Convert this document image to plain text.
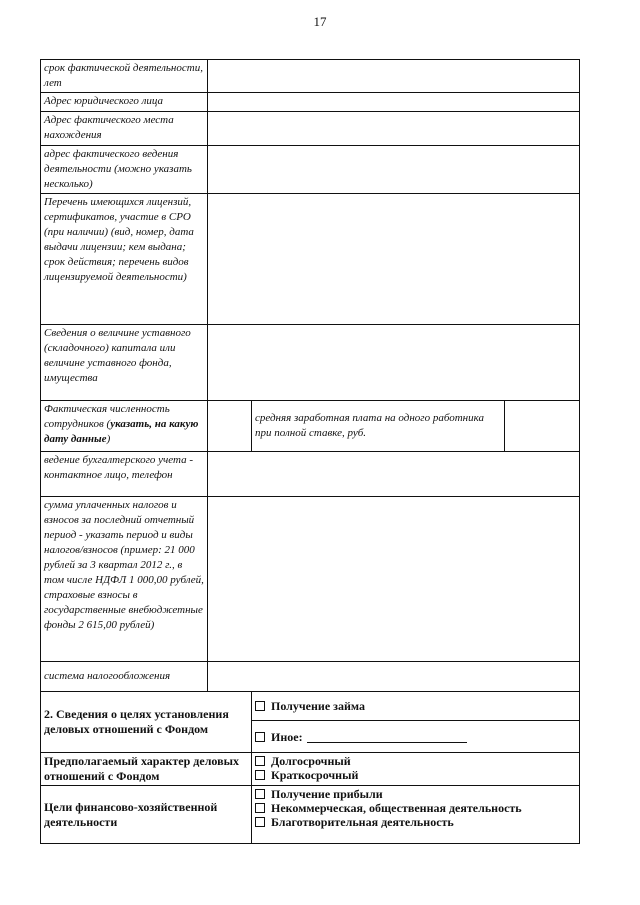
17
срок фактической деятельности, лет			
Адрес юридического лица			
Адрес фактического места нахождения			
адрес фактического ведения деятельности (можно указать несколько)			
Перечень имеющихся лицензий, сертификатов, участие в СРО (при наличии) (вид, номер, дата выдачи лицензии; кем выдана; срок действия; перечень видов лицензируемой деятельности)			
Сведения о величине уставного (складочного) капитала или величине уставного фонда, имущества			
Фактическая численность сотрудников (указать, на какую дату данные)		средняя заработная плата на одного работника при полной ставке, руб.	
ведение бухгалтерского учета - контактное лицо, телефон			
сумма уплаченных налогов и взносов за последний отчетный период - указать период и виды налогов/взносов (пример: 21 000 рублей за 3 квартал 2012 г., в том числе НДФЛ 1 000,00 рублей, страховые взносы в государственные внебюджетные фонды 2 615,00 рублей)			
система налогообложения			
2. Сведения о целях установления деловых отношений с Фондом		Получение займа	
		Иное:	
Предполагаемый характер деловых отношений с Фондом		Долгосрочный
Краткосрочный	

Цели финансово-хозяйственной деятельности		Получение прибыли
Некоммерческая, общественная деятельность
Благотворительная деятельность	
